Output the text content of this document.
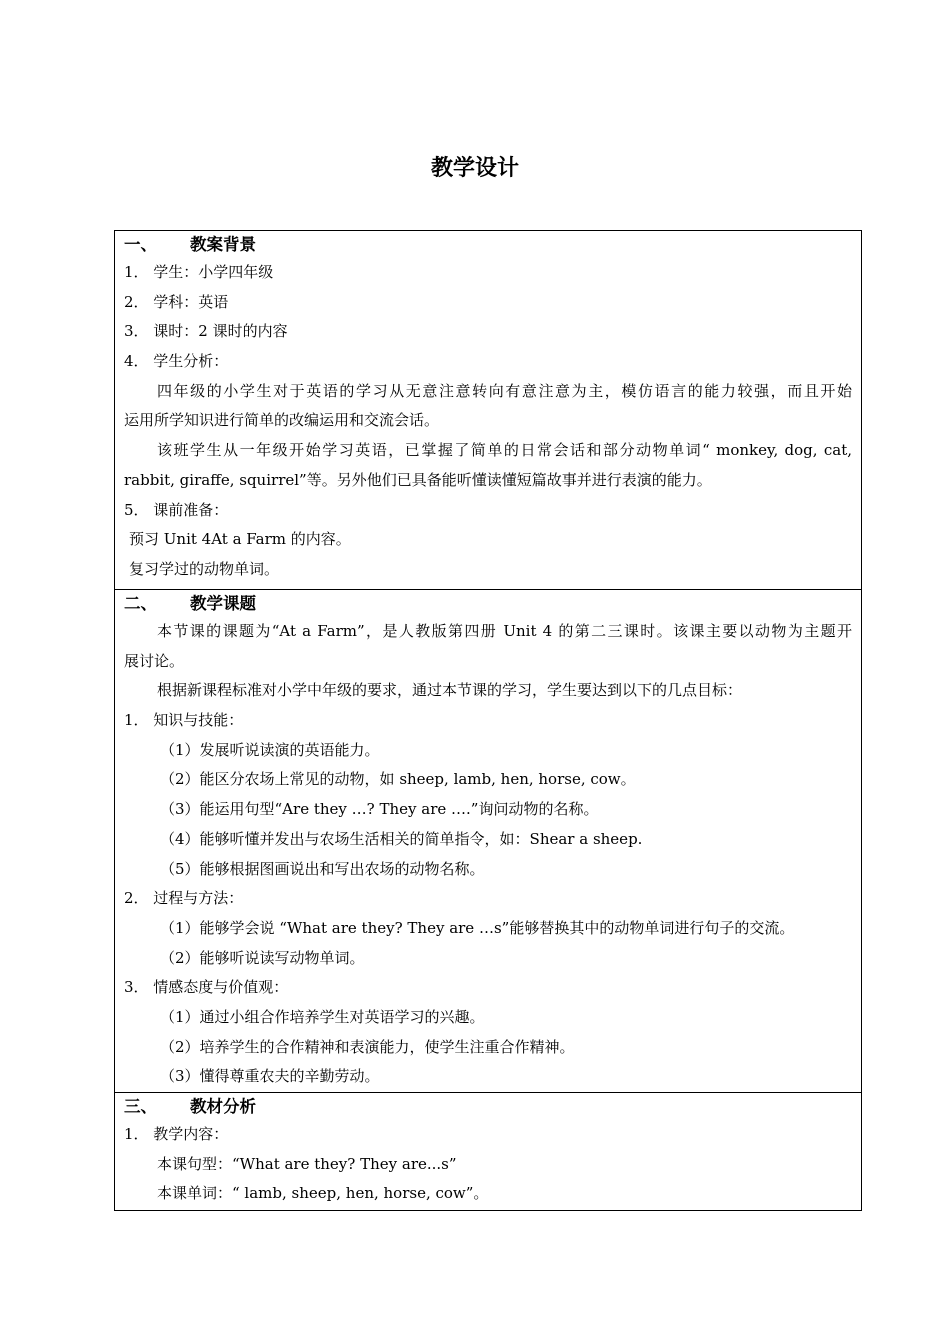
教学设计
一、 教案背景
1． 学生：小学四年级
2． 学科：英语
3． 课时：2 课时的内容
4． 学生分析：
四年级的小学生对于英语的学习从无意注意转向有意注意为主，模仿语言的能力较强，而且开始
运用所学知识进行简单的改编运用和交流会话。
该班学生从一年级开始学习英语，已掌握了简单的日常会话和部分动物单词“ monkey, dog, cat,
rabbit, giraffe, squirrel”等。另外他们已具备能听懂读懂短篇故事并进行表演的能力。
5． 课前准备：
预习 Unit 4At a Farm 的内容。
复习学过的动物单词。
二、 教学课题
本节课的课题为“At a Farm”，是人教版第四册 Unit 4 的第二三课时。该课主要以动物为主题开
展讨论。
根据新课程标准对小学中年级的要求，通过本节课的学习，学生要达到以下的几点目标：
1． 知识与技能：
（1）发展听说读演的英语能力。
（2）能区分农场上常见的动物，如 sheep, lamb, hen, horse, cow。
（3）能运用句型“Are they …? They are ….”询问动物的名称。
（4）能够听懂并发出与农场生活相关的简单指令，如：Shear a sheep.
（5）能够根据图画说出和写出农场的动物名称。
2． 过程与方法：
（1）能够学会说 “What are they? They are …s”能够替换其中的动物单词进行句子的交流。
（2）能够听说读写动物单词。
3． 情感态度与价值观：
（1）通过小组合作培养学生对英语学习的兴趣。
（2）培养学生的合作精神和表演能力，使学生注重合作精神。
（3）懂得尊重农夫的辛勤劳动。
三、 教材分析
1． 教学内容：
本课句型：“What are they? They are...s”
本课单词：“ lamb, sheep, hen, horse, cow”。
